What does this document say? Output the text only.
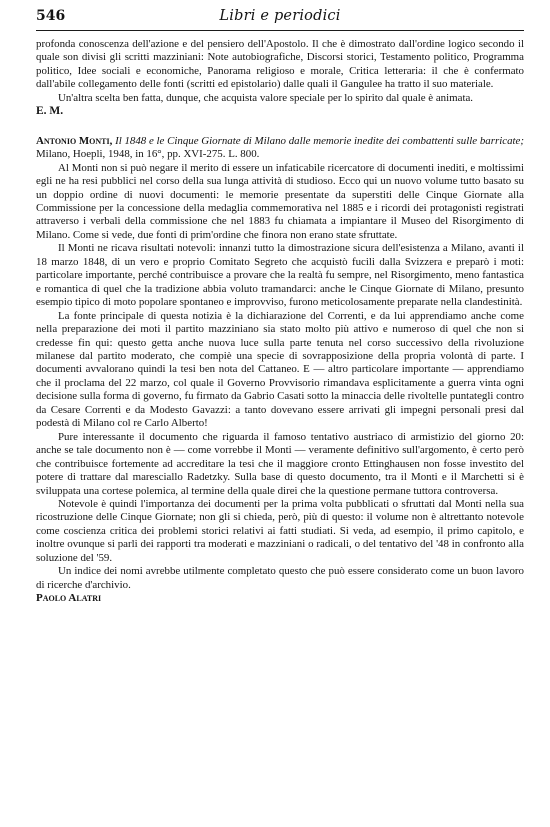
546	Libri e periodici

profonda conoscenza dell'azione e del pensiero dell'Apostolo. Il che è dimostrato dall'ordine logico secondo il quale son divisi gli scritti mazziniani: Note autobiografiche, Discorsi storici, Testamento politico, Programma politico, Idee sociali e economiche, Panorama religioso e morale, Critica letteraria: il che è confermato dall'abile collegamento delle fonti (scritti ed epistolario) dalle quali il Gangulee ha tratto il suo materiale.

Un'altra scelta ben fatta, dunque, che acquista valore speciale per lo spirito dal quale è animata.

E. M.

Antonio Monti, Il 1848 e le Cinque Giornate di Milano dalle memorie inedite dei combattenti sulle barricate; Milano, Hoepli, 1948, in 16°, pp. XVI-275. L. 800.

Al Monti non si può negare il merito di essere un infaticabile ricercatore di documenti inediti, e moltissimi egli ne ha resi pubblici nel corso della sua lunga attività di studioso. Ecco qui un nuovo volume tutto basato su un doppio ordine di nuovi documenti: le memorie presentate da superstiti delle Cinque Giornate alla Commissione per la concessione della medaglia commemorativa nel 1885 e i ricordi dei protagonisti registrati attraverso i verbali della commissione che nel 1883 fu chiamata a impiantare il Museo del Risorgimento di Milano. Come si vede, due fonti di prim'ordine che finora non erano state sfruttate.

Il Monti ne ricava risultati notevoli: innanzi tutto la dimostrazione sicura dell'esistenza a Milano, avanti il 18 marzo 1848, di un vero e proprio Comitato Segreto che acquistò fucili dalla Svizzera e preparò i moti: particolare importante, perché contribuisce a provare che la realtà fu sempre, nel Risorgimento, meno fantastica e romantica di quel che la tradizione abbia voluto tramandarci: anche le Cinque Giornate di Milano, presunto esempio tipico di moto popolare spontaneo e improvviso, furono meticolosamente preparate nella clandestinità.

La fonte principale di questa notizia è la dichiarazione del Correnti, e da lui apprendiamo anche come nella preparazione dei moti il partito mazziniano sia stato molto più attivo e numeroso di quel che non si credesse fin qui: questo getta anche nuova luce sulla parte tenuta nel corso successivo della rivoluzione milanese dal partito moderato, che compiè una specie di sovrapposizione della propria volontà di parte. I documenti avvalorano quindi la tesi ben nota del Cattaneo. E — altro particolare importante — apprendiamo che il proclama del 22 marzo, col quale il Governo Provvisorio rimandava esplicitamente a guerra vinta ogni decisione sulla forma di governo, fu firmato da Gabrio Casati sotto la minaccia delle rivoltelle puntategli contro da Cesare Correnti e da Modesto Gavazzi: a tanto dovevano essere arrivati gli impegni personali presi dal podestà di Milano col re Carlo Alberto!

Pure interessante il documento che riguarda il famoso tentativo austriaco di armistizio del giorno 20: anche se tale documento non è — come vorrebbe il Monti — veramente definitivo sull'argomento, è certo però che contribuisce fortemente ad accreditare la tesi che il maggiore cronto Ettinghausen non fosse investito del potere di trattare dal maresciallo Radetzky. Sulla base di questo documento, tra il Monti e il Marchetti si è sviluppata una cortese polemica, al termine della quale direi che la questione permane tuttora controversa.

Notevole è quindi l'importanza dei documenti per la prima volta pubblicati o sfruttati dal Monti nella sua ricostruzione delle Cinque Giornate; non gli si chieda, però, più di questo: il volume non è altrettanto notevole come coscienza critica dei problemi storici relativi ai fatti studiati. Si veda, ad esempio, il primo capitolo, e inoltre ovunque si parli dei rapporti tra moderati e mazziniani o radicali, o del tentativo del '48 in confronto alla soluzione del '59.

Un indice dei nomi avrebbe utilmente completato questo che può essere considerato come un buon lavoro di ricerche d'archivio.

Paolo Alatri
